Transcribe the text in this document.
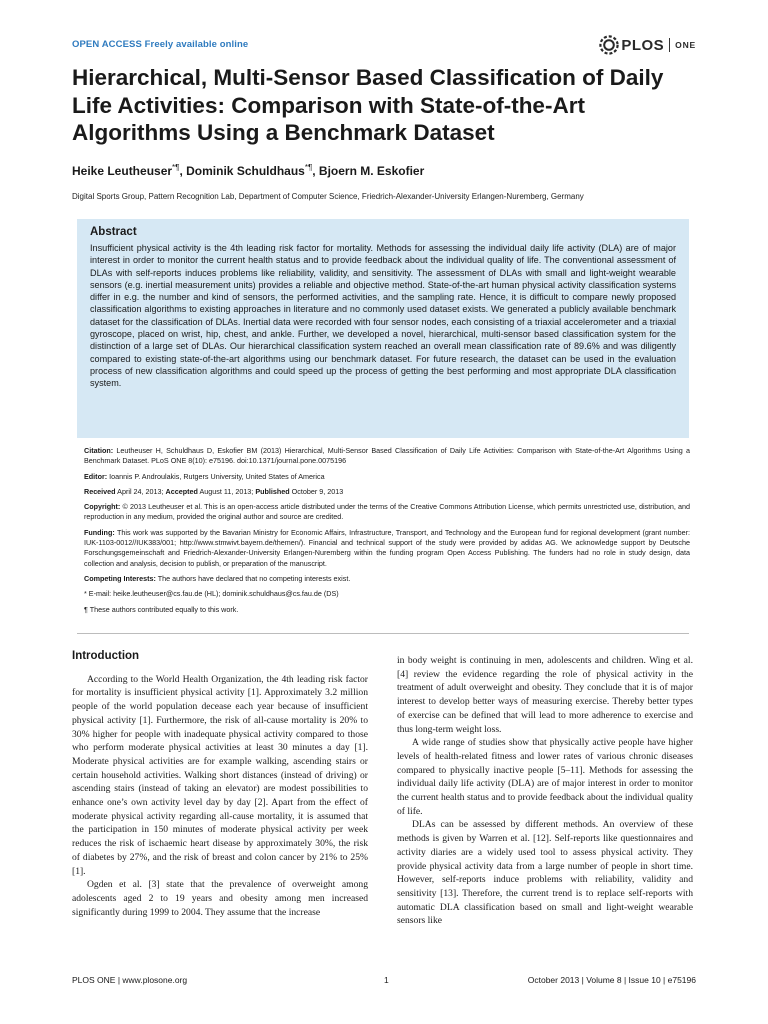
OPEN ACCESS Freely available online	PLOS ONE
Hierarchical, Multi-Sensor Based Classification of Daily Life Activities: Comparison with State-of-the-Art Algorithms Using a Benchmark Dataset
Heike Leutheuser*¶, Dominik Schuldhaus*¶, Bjoern M. Eskofier
Digital Sports Group, Pattern Recognition Lab, Department of Computer Science, Friedrich-Alexander-University Erlangen-Nuremberg, Germany
Abstract
Insufficient physical activity is the 4th leading risk factor for mortality. Methods for assessing the individual daily life activity (DLA) are of major interest in order to monitor the current health status and to provide feedback about the individual quality of life. The conventional assessment of DLAs with self-reports induces problems like reliability, validity, and sensitivity. The assessment of DLAs with small and light-weight wearable sensors (e.g. inertial measurement units) provides a reliable and objective method. State-of-the-art human physical activity classification systems differ in e.g. the number and kind of sensors, the performed activities, and the sampling rate. Hence, it is difficult to compare newly proposed classification algorithms to existing approaches in literature and no commonly used dataset exists. We generated a publicly available benchmark dataset for the classification of DLAs. Inertial data were recorded with four sensor nodes, each consisting of a triaxial accelerometer and a triaxial gyroscope, placed on wrist, hip, chest, and ankle. Further, we developed a novel, hierarchical, multi-sensor based classification system for the distinction of a large set of DLAs. Our hierarchical classification system reached an overall mean classification rate of 89.6% and was diligently compared to existing state-of-the-art algorithms using our benchmark dataset. For future research, the dataset can be used in the evaluation process of new classification algorithms and could speed up the process of getting the best performing and most appropriate DLA classification system.

Citation: Leutheuser H, Schuldhaus D, Eskofier BM (2013) Hierarchical, Multi-Sensor Based Classification of Daily Life Activities: Comparison with State-of-the-Art Algorithms Using a Benchmark Dataset. PLoS ONE 8(10): e75196. doi:10.1371/journal.pone.0075196

Editor: Ioannis P. Androulakis, Rutgers University, United States of America

Received April 24, 2013; Accepted August 11, 2013; Published October 9, 2013

Copyright: © 2013 Leutheuser et al. This is an open-access article distributed under the terms of the Creative Commons Attribution License, which permits unrestricted use, distribution, and reproduction in any medium, provided the original author and source are credited.

Funding: This work was supported by the Bavarian Ministry for Economic Affairs, Infrastructure, Transport, and Technology and the European fund for regional development (grant number: IUK-1103-0012//IUK383/001; http://www.stmwivt.bayern.de/themen/). Financial and technical support of the study were provided by adidas AG. We acknowledge support by Deutsche Forschungsgemeinschaft and Friedrich-Alexander-University Erlangen-Nuremberg within the funding program Open Access Publishing. The funders had no role in study design, data collection and analysis, decision to publish, or preparation of the manuscript.

Competing Interests: The authors have declared that no competing interests exist.

* E-mail: heike.leutheuser@cs.fau.de (HL); dominik.schuldhaus@cs.fau.de (DS)

¶ These authors contributed equally to this work.

Introduction

According to the World Health Organization, the 4th leading risk factor for mortality is insufficient physical activity [1]. Approximately 3.2 million people of the world population decease each year because of insufficient physical activity [1]. Furthermore, the risk of all-cause mortality is 20% to 30% higher for people with inadequate physical activity compared to those who perform moderate physical activities at least 30 minutes a day [1]. Moderate physical activities are for example walking, ascending stairs or certain household activities. Walking short distances (instead of driving) or ascending stairs (instead of taking an elevator) are modest possibilities to enhance one’s own activity level day by day [2]. Apart from the effect of moderate physical activity regarding all-cause mortality, it is assumed that the participation in 150 minutes of moderate physical activity per week reduces the risk of ischaemic heart disease by approximately 30%, the risk of diabetes by 27%, and the risk of breast and colon cancer by 21% to 25% [1].

Ogden et al. [3] state that the prevalence of overweight among adolescents aged 2 to 19 years and obesity among men increased significantly during 1999 to 2004. They assume that the increase

in body weight is continuing in men, adolescents and children. Wing et al. [4] review the evidence regarding the role of physical activity in the treatment of adult overweight and obesity. They conclude that it is of major interest to develop better ways of measuring exercise. Thereby better types of exercise can be defined that will lead to more adherence to exercise and thus long-term weight loss.

A wide range of studies show that physically active people have higher levels of health-related fitness and lower rates of various chronic diseases compared to physically inactive people [5–11]. Methods for assessing the individual daily life activity (DLA) are of major interest in order to monitor the current health status and to provide feedback about the individual quality of life.

DLAs can be assessed by different methods. An overview of these methods is given by Warren et al. [12]. Self-reports like questionnaires and activity diaries are a widely used tool to assess physical activity. They provide physical activity data from a large number of people in short time. However, self-reports induce problems with reliability, validity and sensitivity [13]. Therefore, the current trend is to replace self-reports with automatic DLA classification based on small and light-weight wearable sensors like

PLOS ONE | www.plosone.org	1	October 2013 | Volume 8 | Issue 10 | e75196
